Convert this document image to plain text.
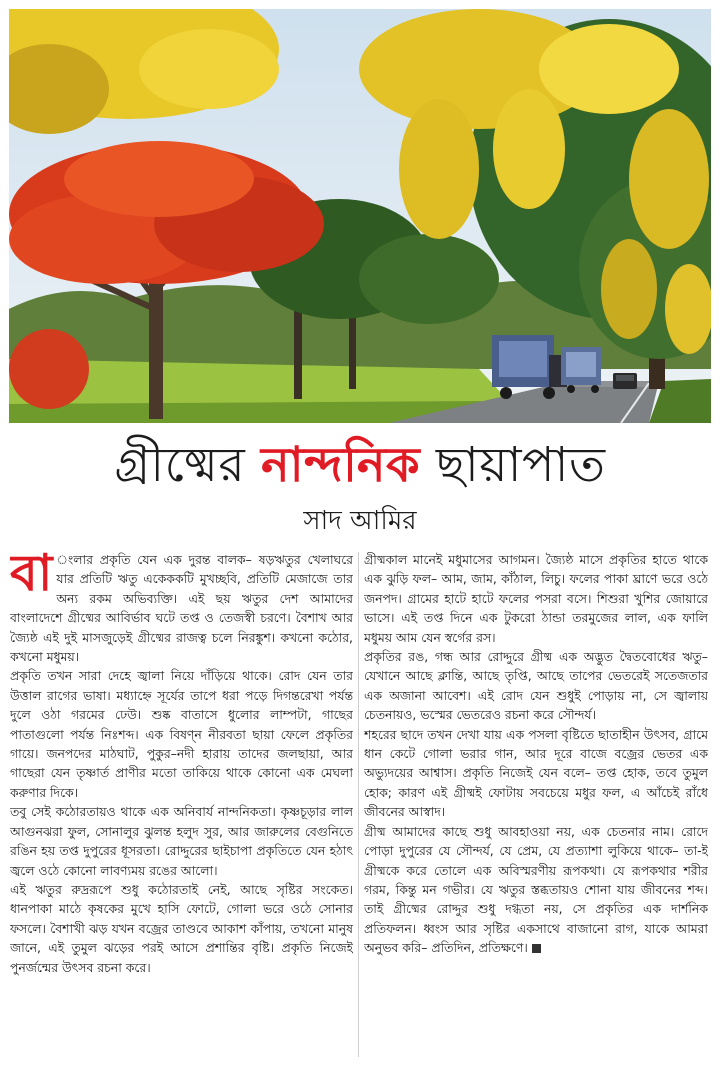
গ্রীষ্মের নান্দনিক ছায়াপাত
সাদ আমির

বা ংলার প্রকৃতি যেন এক দুরন্ত বালক– ষড়ঋতুর খেলাঘরে যার প্রতিটি ঋতু একেককটি মুখচ্ছবি, প্রতিটি মেজাজে তার অন্য রকম অভিব্যক্তি। এই ছয় ঋতুর দেশ আমাদের বাংলাদেশে গ্রীষ্মের আবির্ভাব ঘটে তপ্ত ও তেজস্বী চরণে। বৈশাখ আর জ্যৈষ্ঠ এই দুই মাসজুড়েই গ্রীষ্মের রাজত্ব চলে নিরঙ্কুশ। কখনো কঠোর, কখনো মধুময়।

প্রকৃতি তখন সারা দেহে জ্বালা নিয়ে দাঁড়িয়ে থাকে। রোদ যেন তার উত্তাল রাগের ভাষা। মধ্যাহ্নে সূর্যের তাপে ধরা পড়ে দিগন্তরেখা পর্যন্ত দুলে ওঠা গরমের ঢেউ। শুষ্ক বাতাসে ধুলোর লাম্পটা, গাছের পাতাগুলো পর্যন্ত নিঃশব্দ। এক বিষণ্ন নীরবতা ছায়া ফেলে প্রকৃতির গায়ে। জনপদের মাঠঘাট, পুকুর–নদী হারায় তাদের জলছায়া, আর গাছেরা যেন তৃষ্ণার্ত প্রাণীর মতো তাকিয়ে থাকে কোনো এক মেঘলা করুণার দিকে।

তবু সেই কঠোরতায়ও থাকে এক অনিবার্য নান্দনিকতা। কৃষ্ণচূড়ার লাল আগুনঝরা ফুল, সোনালুর ঝুলন্ত হলুদ সুর, আর জারুলের বেগুনিতে রঙিন হয় তপ্ত দুপুরের ধূসরতা। রোদ্দুরের ছাইচাপা প্রকৃতিতে যেন হঠাৎ জ্বলে ওঠে কোনো লাবণ্যময় রঙের আলো।

এই ঋতুর রুদ্ররূপে শুধু কঠোরতাই নেই, আছে সৃষ্টির সংকেত। ধানপাকা মাঠে কৃষকের মুখে হাসি ফোটে, গোলা ভরে ওঠে সোনার ফসলে। বৈশাখী ঝড় যখন বজ্রের তাণ্ডবে আকাশ কাঁপায়, তখনো মানুষ জানে, এই তুমুল ঝড়ের পরই আসে প্রশান্তির বৃষ্টি। প্রকৃতি নিজেই পুনর্জন্মের উৎসব রচনা করে।

গ্রীষ্মকাল মানেই মধুমাসের আগমন। জ্যৈষ্ঠ মাসে প্রকৃতির হাতে থাকে এক ঝুড়ি ফল– আম, জাম, কাঁঠাল, লিচু। ফলের পাকা ঘ্রাণে ভরে ওঠে জনপদ। গ্রামের হাটে হাটে ফলের পসরা বসে। শিশুরা খুশির জোয়ারে ভাসে। এই তপ্ত দিনে এক টুকরো ঠান্ডা তরমুজের লাল, এক ফালি মধুময় আম যেন স্বর্গের রস।

প্রকৃতির রঙ, গন্ধ আর রোদ্দুরে গ্রীষ্ম এক অদ্ভুত দ্বৈতবোধের ঋতু– যেখানে আছে ক্লান্তি, আছে তৃপ্তি, আছে তাপের ভেতরেই সতেজতার এক অজানা আবেশ। এই রোদ যেন শুধুই পোড়ায় না, সে জ্বালায় চেতনায়ও, ভস্মের ভেতরেও রচনা করে সৌন্দর্য।

শহরের ছাদে তখন দেখা যায় এক পসলা বৃষ্টিতে ছাতাহীন উৎসব, গ্রামে ধান কেটে গোলা ভরার গান, আর দূরে বাজে বজ্রের ভেতর এক অভ্যুদয়ের আশ্বাস। প্রকৃতি নিজেই যেন বলে– তপ্ত হোক, তবে তুমুল হোক; কারণ এই গ্রীষ্মই ফোটায় সবচেয়ে মধুর ফল, এ আঁচেই রাঁধে জীবনের আস্বাদ।

গ্রীষ্ম আমাদের কাছে শুধু আবহাওয়া নয়, এক চেতনার নাম। রোদে পোড়া দুপুরের যে সৌন্দর্য, যে প্রেম, যে প্রত্যাশা লুকিয়ে থাকে– তা-ই গ্রীষ্মকে করে তোলে এক অবিস্মরণীয় রূপকথা। যে রূপকথার শরীর গরম, কিন্তু মন গভীর। যে ঋতুর স্তব্ধতায়ও শোনা যায় জীবনের শব্দ। তাই গ্রীষ্মের রোদ্দুর শুধু দগ্ধতা নয়, সে প্রকৃতির এক দার্শনিক প্রতিফলন। ধ্বংস আর সৃষ্টির একসাথে বাজানো রাগ, যাকে আমরা অনুভব করি– প্রতিদিন, প্রতিক্ষণে।
